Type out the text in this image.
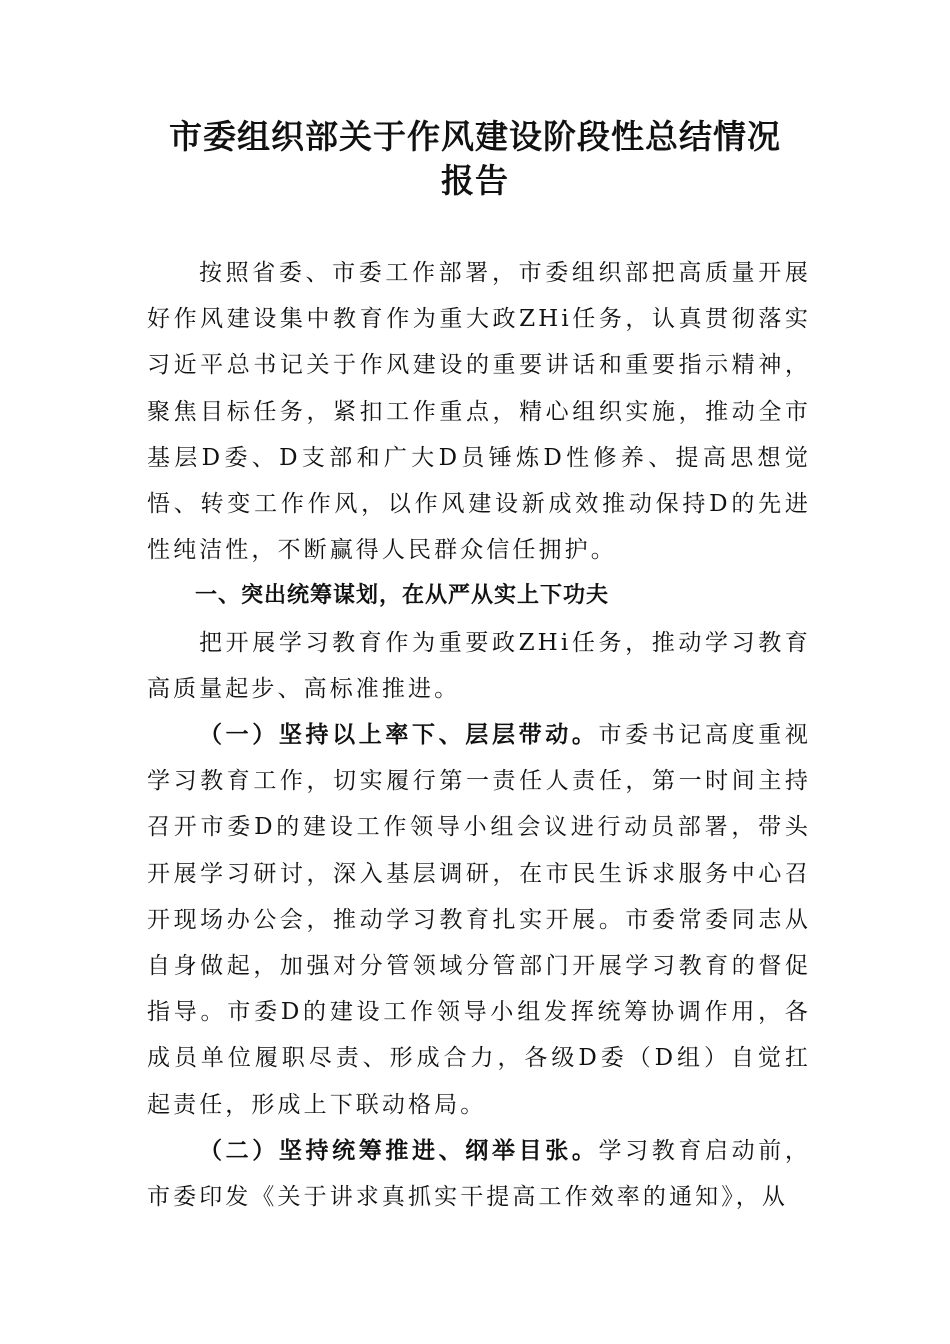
市委组织部关于作风建设阶段性总结情况
报告

按照省委、市委工作部署，市委组织部把高质量开展好作风建设集中教育作为重大政ZHi任务，认真贯彻落实习近平总书记关于作风建设的重要讲话和重要指示精神，聚焦目标任务，紧扣工作重点，精心组织实施，推动全市基层D委、D支部和广大D员锤炼D性修养、提高思想觉悟、转变工作作风，以作风建设新成效推动保持D的先进性纯洁性，不断赢得人民群众信任拥护。

一、突出统筹谋划，在从严从实上下功夫

把开展学习教育作为重要政ZHi任务，推动学习教育高质量起步、高标准推进。

（一）坚持以上率下、层层带动。市委书记高度重视学习教育工作，切实履行第一责任人责任，第一时间主持召开市委D的建设工作领导小组会议进行动员部署，带头开展学习研讨，深入基层调研，在市民生诉求服务中心召开现场办公会，推动学习教育扎实开展。市委常委同志从自身做起，加强对分管领域分管部门开展学习教育的督促指导。市委D的建设工作领导小组发挥统筹协调作用，各成员单位履职尽责、形成合力，各级D委（D组）自觉扛起责任，形成上下联动格局。

（二）坚持统筹推进、纲举目张。学习教育启动前，市委印发《关于讲求真抓实干提高工作效率的通知》，从
